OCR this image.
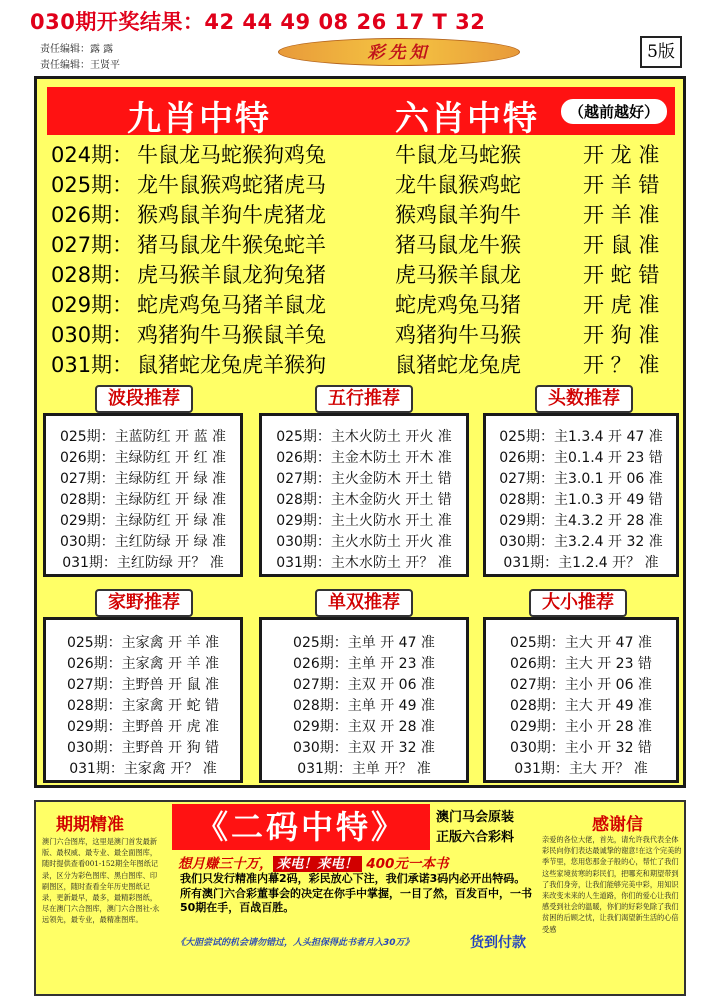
030期开奖结果：42 44 49 08 26 17 T 32
责任编辑：露 露
责任编辑：王贤平
彩先知	5版
九肖中特	六肖中特	（越前越好）
024期： 牛鼠龙马蛇猴狗鸡兔	牛鼠龙马蛇猴	开 龙 准
025期： 龙牛鼠猴鸡蛇猪虎马	龙牛鼠猴鸡蛇	开 羊 错
026期： 猴鸡鼠羊狗牛虎猪龙	猴鸡鼠羊狗牛	开 羊 准
027期： 猪马鼠龙牛猴兔蛇羊	猪马鼠龙牛猴	开 鼠 准
028期： 虎马猴羊鼠龙狗兔猪	虎马猴羊鼠龙	开 蛇 错
029期： 蛇虎鸡兔马猪羊鼠龙	蛇虎鸡兔马猪	开 虎 准
030期： 鸡猪狗牛马猴鼠羊兔	鸡猪狗牛马猴	开 狗 准
031期： 鼠猪蛇龙兔虎羊猴狗	鼠猪蛇龙兔虎	开 ？ 准
波段推荐
025期：主蓝防红 开 蓝 准
026期：主绿防红 开 红 准
027期：主绿防红 开 绿 准
028期：主绿防红 开 绿 准
029期：主绿防红 开 绿 准
030期：主红防绿 开 绿 准
031期：主红防绿 开？ 准
五行推荐
025期：主木火防土 开火 准
026期：主金木防土 开木 准
027期：主火金防木 开土 错
028期：主木金防火 开土 错
029期：主土火防水 开土 准
030期：主火水防土 开火 准
031期：主木水防土 开？ 准
头数推荐
025期：主1.3.4 开 47 准
026期：主0.1.4 开 23 错
027期：主3.0.1 开 06 准
028期：主1.0.3 开 49 错
029期：主4.3.2 开 28 准
030期：主3.2.4 开 32 准
031期：主1.2.4 开？ 准
家野推荐
025期：主家禽 开 羊 准
026期：主家禽 开 羊 准
027期：主野兽 开 鼠 准
028期：主家禽 开 蛇 错
029期：主野兽 开 虎 准
030期：主野兽 开 狗 错
031期：主家禽 开？ 准
单双推荐
025期：主单 开 47 准
026期：主单 开 23 准
027期：主双 开 06 准
028期：主单 开 49 准
029期：主双 开 28 准
030期：主双 开 32 准
031期：主单 开？ 准
大小推荐
025期：主大 开 47 准
026期：主大 开 23 错
027期：主小 开 06 准
028期：主大 开 49 准
029期：主小 开 28 准
030期：主小 开 32 错
031期：主大 开？ 准
期期精准
澳门六合图库，这里是澳门首发最新版、最权威、最专业、最全面图库，随时提供查看001-152期全年图纸记录，区分为彩色图库、黑白图库、印刷图区，随时查看全年历史图纸记录，更新最早，最多，最精彩图纸，尽在澳门六合图库，澳门六合图社-永远领先，最专业，最精准图库。
《二码中特》	澳门马会原装
正版六合彩料
想月赚三十万， 来电！来电！ 400元一本书
我们只发行精准内幕2码，彩民放心下注，我们承诺3码内必开出特码。所有澳门六合彩董事会的决定在你手中掌握，一目了然，百发百中，一书50期在手，百战百胜。
《大胆尝试的机会请勿错过，人头担保得此书者月入30万》	货到付款
感谢信
亲爱的各位大佬，首先，请允许我代表全体彩民向你们表达最诚挚的谢意!在这个完美的季节里，您用您那金子般的心，帮忙了我们这些家境贫寒的彩民们，把哪充和期望带到了我们身旁，让我们能够完美中彩，用知识来改变未来的人生道路，你们的爱心让我们感受到社会的温暖，你们的好彩免除了我们贫困的后顾之忧，让我们渴望新生活的心倍受感
